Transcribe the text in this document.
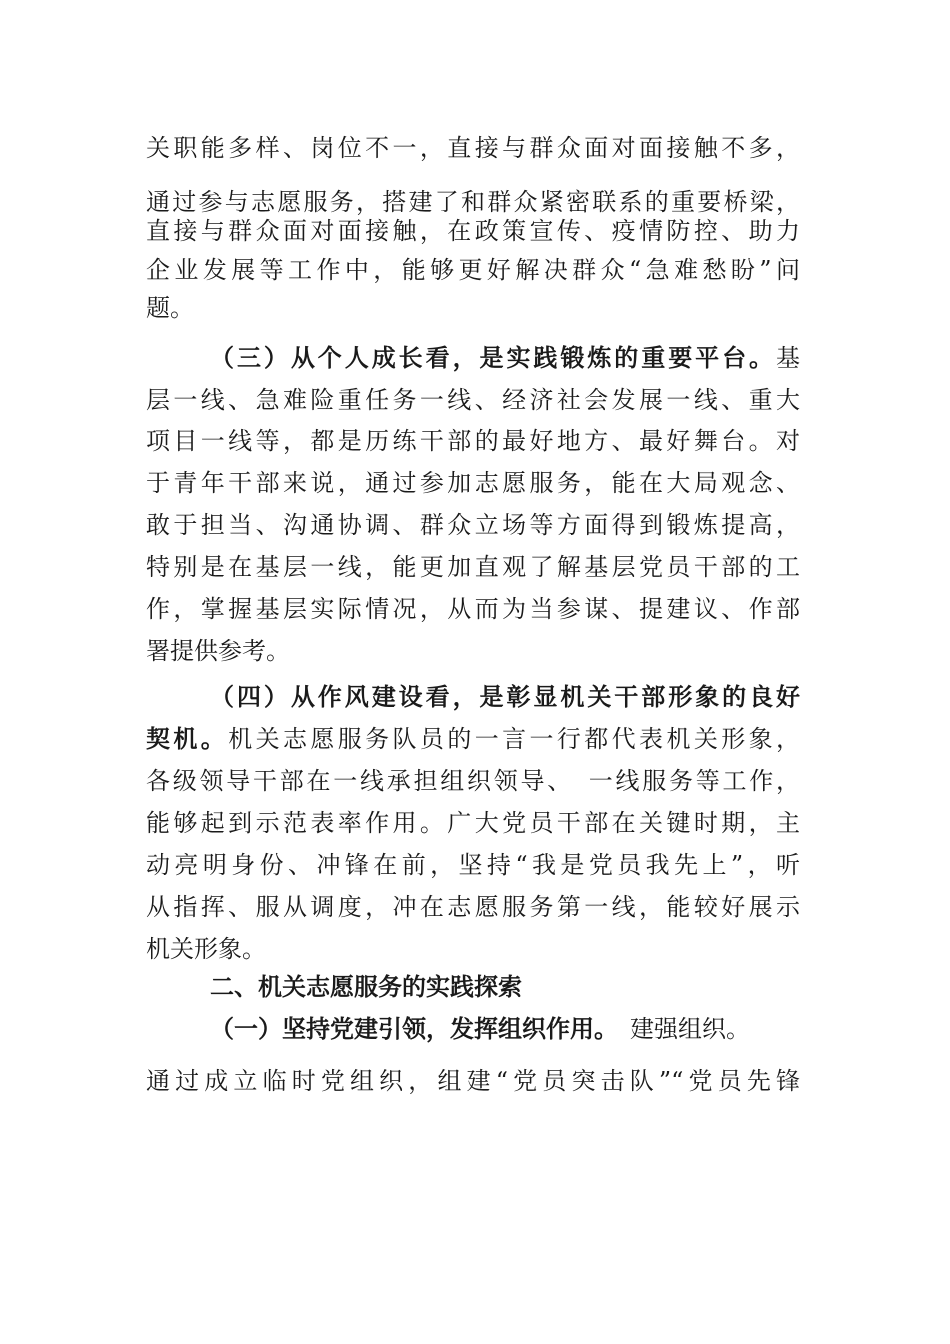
关职能多样、岗位不一，直接与群众面对面接触不多，
通过参与志愿服务，搭建了和群众紧密联系的重要桥梁，
直接与群众面对面接触，在政策宣传、疫情防控、助力
企业发展等工作中，能够更好解决群众“急难愁盼”问
题。
（三）从个人成长看，是实践锻炼的重要平台。基
层一线、急难险重任务一线、经济社会发展一线、重大
项目一线等，都是历练干部的最好地方、最好舞台。对
于青年干部来说，通过参加志愿服务，能在大局观念、
敢于担当、沟通协调、群众立场等方面得到锻炼提高，
特别是在基层一线，能更加直观了解基层党员干部的工
作，掌握基层实际情况，从而为当参谋、提建议、作部
署提供参考。
（四）从作风建设看，是彰显机关干部形象的良好
契机。机关志愿服务队员的一言一行都代表机关形象，
各级领导干部在一线承担组织领导、　一线服务等工作，
能够起到示范表率作用。广大党员干部在关键时期，主
动亮明身份、冲锋在前，坚持“我是党员我先上”，听
从指挥、服从调度，冲在志愿服务第一线，能较好展示
机关形象。
二、机关志愿服务的实践探索
（一）坚持党建引领，发挥组织作用。　建强组织。
通过成立临时党组织，组建“党员突击队”“党员先锋
